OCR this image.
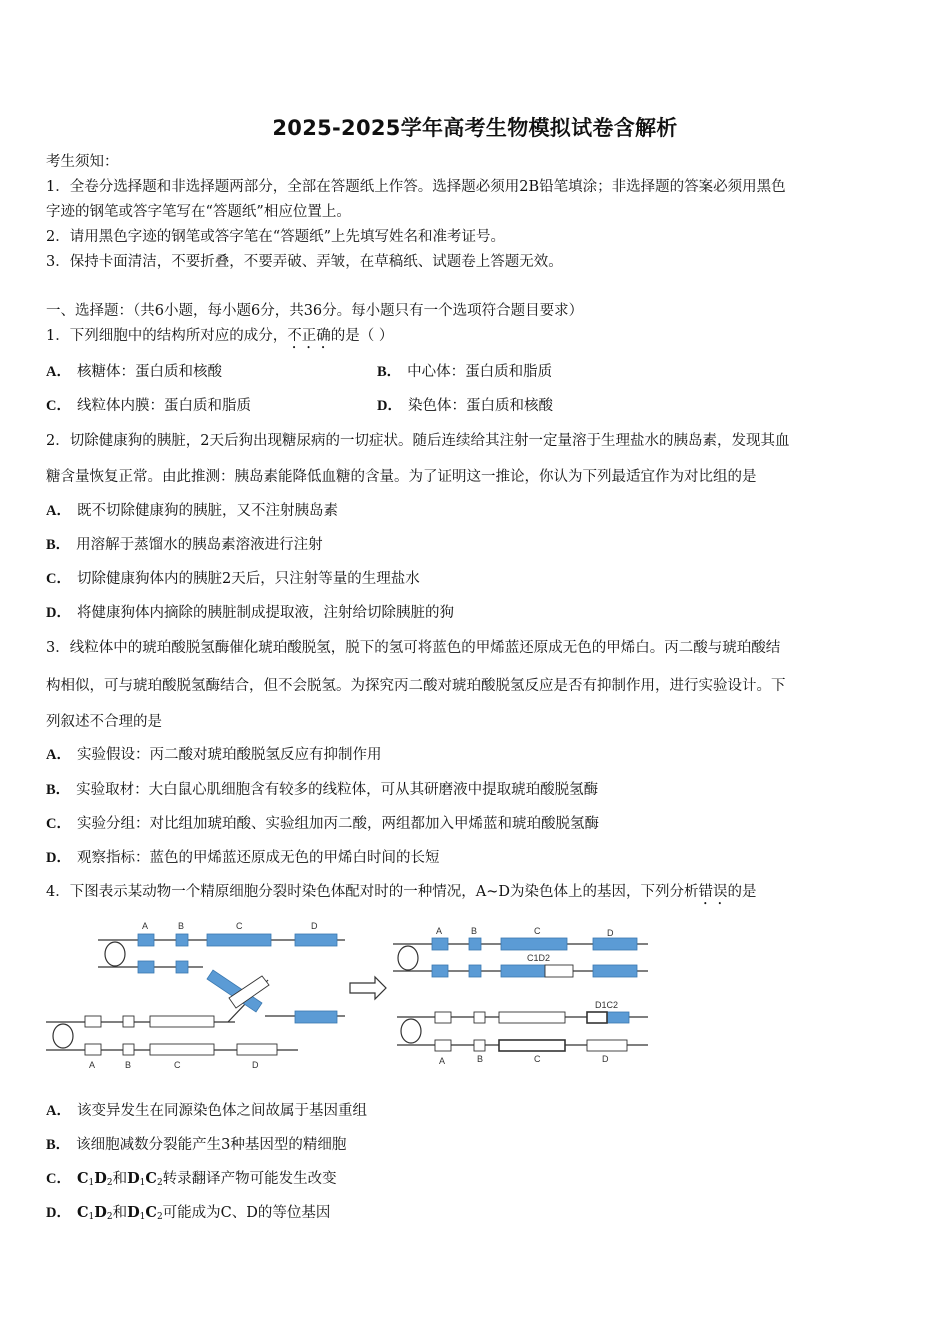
2025-2025学年高考生物模拟试卷含解析
考生须知：
1．全卷分选择题和非选择题两部分，全部在答题纸上作答。选择题必须用2B铅笔填涂；非选择题的答案必须用黑色
字迹的钢笔或答字笔写在“答题纸”相应位置上。
2．请用黑色字迹的钢笔或答字笔在“答题纸”上先填写姓名和准考证号。
3．保持卡面清洁，不要折叠，不要弄破、弄皱，在草稿纸、试题卷上答题无效。
一、选择题：（共6小题，每小题6分，共36分。每小题只有一个选项符合题目要求）
1．下列细胞中的结构所对应的成分，不正确的是（ ）
A． 核糖体：蛋白质和核酸	B． 中心体：蛋白质和脂质
C． 线粒体内膜：蛋白质和脂质	D． 染色体：蛋白质和核酸
2．切除健康狗的胰脏，2天后狗出现糖尿病的一切症状。随后连续给其注射一定量溶于生理盐水的胰岛素，发现其血
糖含量恢复正常。由此推测：胰岛素能降低血糖的含量。为了证明这一推论，你认为下列最适宜作为对比组的是
A． 既不切除健康狗的胰脏，又不注射胰岛素
B． 用溶解于蒸馏水的胰岛素溶液进行注射
C． 切除健康狗体内的胰脏2天后，只注射等量的生理盐水
D． 将健康狗体内摘除的胰脏制成提取液，注射给切除胰脏的狗
3．线粒体中的琥珀酸脱氢酶催化琥珀酸脱氢，脱下的氢可将蓝色的甲烯蓝还原成无色的甲烯白。丙二酸与琥珀酸结
构相似，可与琥珀酸脱氢酶结合，但不会脱氢。为探究丙二酸对琥珀酸脱氢反应是否有抑制作用，进行实验设计。下
列叙述不合理的是
A． 实验假设：丙二酸对琥珀酸脱氢反应有抑制作用
B． 实验取材：大白鼠心肌细胞含有较多的线粒体，可从其研磨液中提取琥珀酸脱氢酶
C． 实验分组：对比组加琥珀酸、实验组加丙二酸，两组都加入甲烯蓝和琥珀酸脱氢酶
D． 观察指标：蓝色的甲烯蓝还原成无色的甲烯白时间的长短
4．下图表示某动物一个精原细胞分裂时染色体配对时的一种情况，A~D为染色体上的基因，下列分析错误的是
A	B	C	D
A	B	C	D
A	B	C	D
C1D2
D1C2
A	B	C	D
A． 该变异发生在同源染色体之间故属于基因重组
B． 该细胞减数分裂能产生3种基因型的精细胞
C． $C_1D_2$和$D_1C_2$转录翻译产物可能发生改变
D． $C_1D_2$和$D_1C_2$可能成为C、D的等位基因
